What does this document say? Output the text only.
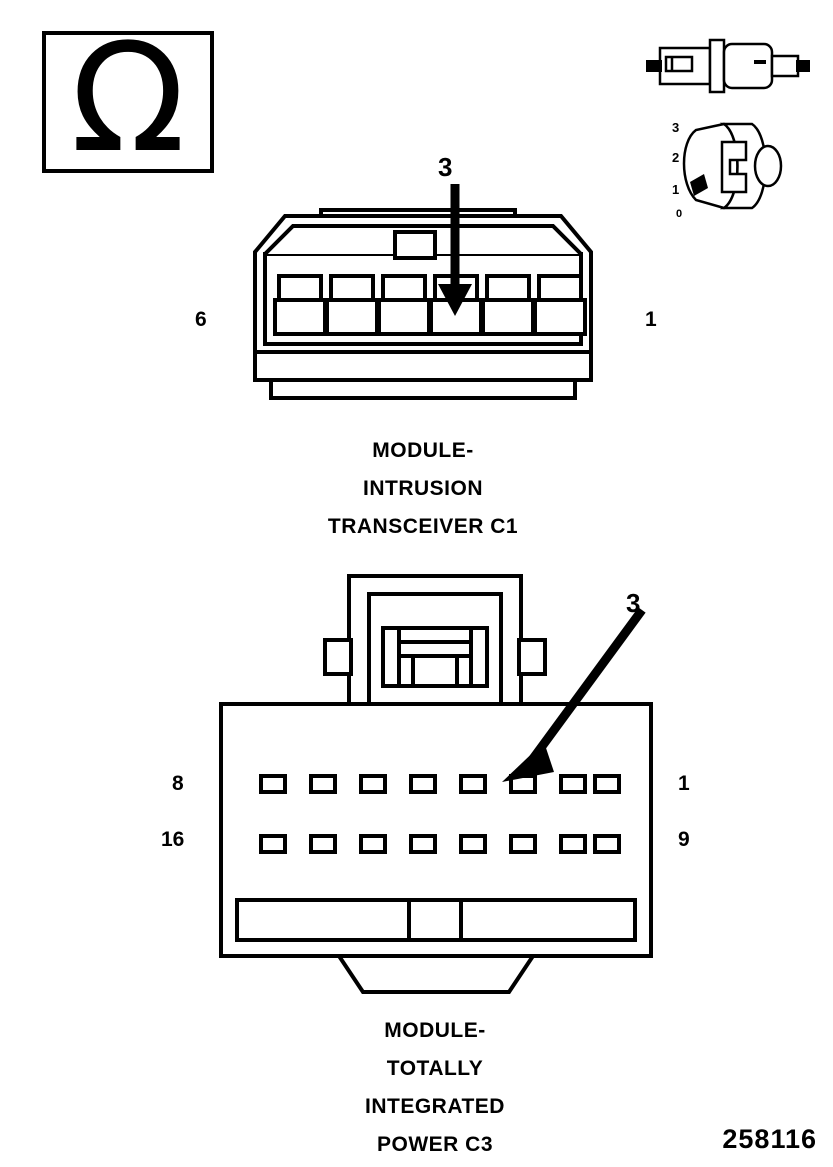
Ω	3
2
1
0
3
6	1
MODULE-
INTRUSION
TRANSCEIVER C1
3
8	1
16	9
MODULE-
TOTALLY
INTEGRATED
POWER C3	258116
